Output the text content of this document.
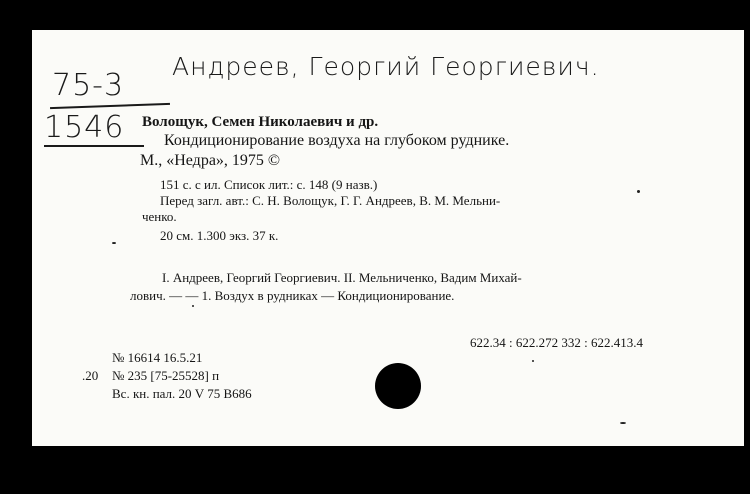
Андреев, Георгий Георгиевич.
75-3
1546 Волощук, Семен Николаевич и др.
Кондиционирование воздуха на глубоком руднике.
М., «Недра», 1975 ©
151 с. с ил. Список лит.: с. 148 (9 назв.)
Перед загл. авт.: С. Н. Волощук, Г. Г. Андреев, В. М. Мельни-
ченко.
20 см. 1.300 экз. 37 к.
I. Андреев, Георгий Георгиевич. II. Мельниченко, Вадим Михай-
лович. — — 1. Воздух в рудниках — Кондиционирование.
622.34 : 622.272 332 : 622.413.4
№ 16614 16.5.21
.20 № 235 [75-25528] п
Вс. кн. пал. 20 V 75 B686
